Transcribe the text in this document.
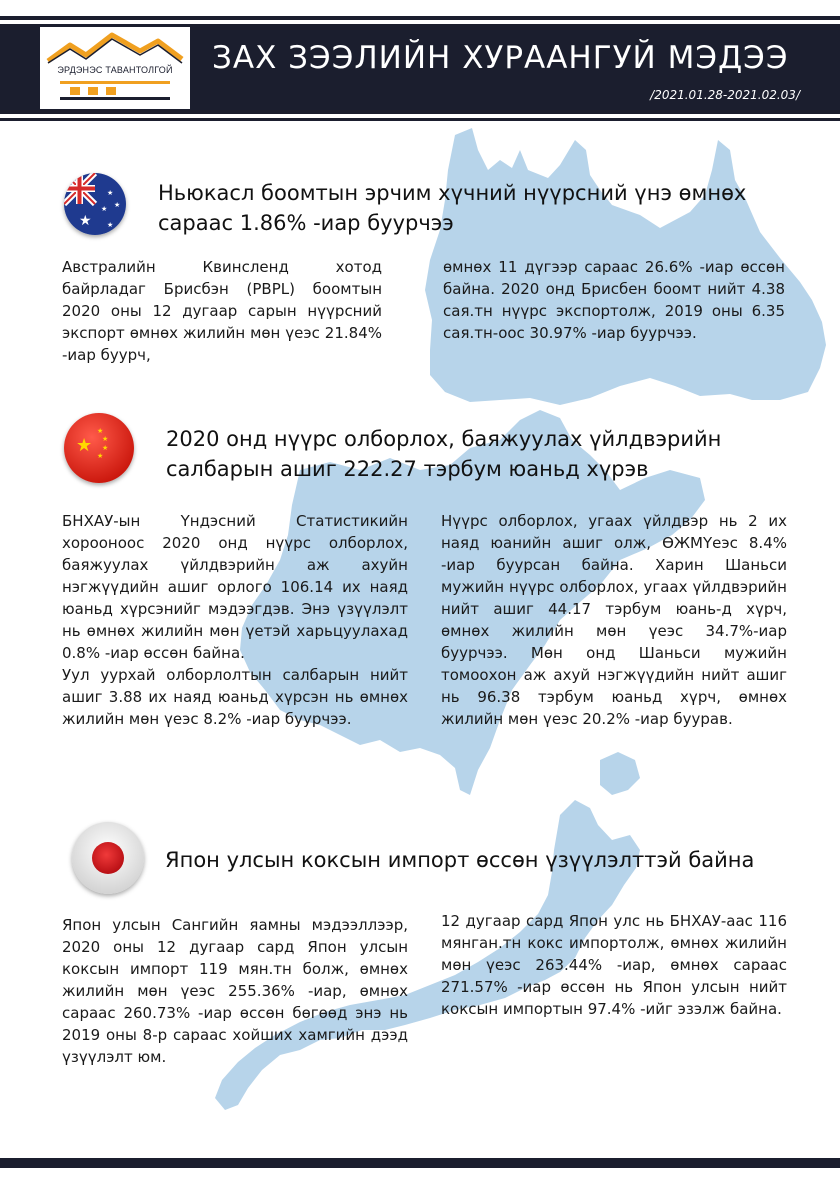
ЭРДЭНЭС ТАВАНТОЛГОЙ	ЗАХ ЗЭЭЛИЙН ХУРААНГУЙ МЭДЭЭ
/2021.01.28-2021.02.03/
★
★
★
★
★
Ньюкасл боомтын эрчим хүчний нүүрсний үнэ өмнөх сараас 1.86% -иар буурчээ

Австралийн Квинсленд хотод байрладаг Брисбэн (PBPL) боомтын 2020 оны 12 дугаар сарын нүүрсний экспорт өмнөх жилийн мөн үеэс 21.84% -иар буурч,

өмнөх 11 дүгээр сараас 26.6% -иар өссөн байна. 2020 онд Брисбен боомт нийт 4.38 сая.тн нүүрс экспортолж, 2019 оны 6.35 сая.тн-оос 30.97% -иар буурчээ.

★
★
★
★
★
2020 онд нүүрс олборлох, баяжуулах үйлдвэрийн салбарын ашиг 222.27 тэрбум юаньд хүрэв

БНХАУ-ын Үндэсний Статистикийн хорооноос 2020 онд нүүрс олборлох, баяжуулах үйлдвэрийн аж ахуйн нэгжүүдийн ашиг орлого 106.14 их наяд юаньд хүрсэнийг мэдээгдэв. Энэ үзүүлэлт нь өмнөх жилийн мөн үетэй харьцуулахад 0.8% -иар өссөн байна.

Уул уурхай олборлолтын салбарын нийт ашиг 3.88 их наяд юаньд хүрсэн нь өмнөх жилийн мөн үеэс 8.2% -иар буурчээ.

Нүүрс олборлох, угаах үйлдвэр нь 2 их наяд юанийн ашиг олж, ӨЖМҮеэс 8.4% -иар буурсан байна. Харин Шаньси мужийн нүүрс олборлох, угаах үйлдвэрийн нийт ашиг 44.17 тэрбум юань-д хүрч, өмнөх жилийн мөн үеэс 34.7%-иар буурчээ. Мөн онд Шаньси мужийн томоохон аж ахуй нэгжүүдийн нийт ашиг нь 96.38 тэрбум юаньд хүрч, өмнөх жилийн мөн үеэс 20.2% -иар буурав.

Япон улсын коксын импорт өссөн үзүүлэлттэй байна

Япон улсын Сангийн яамны мэдээллээр, 2020 оны 12 дугаар сард Япон улсын коксын импорт 119 мян.тн болж, өмнөх жилийн мөн үеэс 255.36% -иар, өмнөх сараас 260.73% -иар өссөн бөгөөд энэ нь 2019 оны 8-р сараас хойших хамгийн дээд үзүүлэлт юм.

12 дугаар сард Япон улс нь БНХАУ-аас 116 мянган.тн кокс импортолж, өмнөх жилийн мөн үеэс 263.44% -иар, өмнөх сараас 271.57% -иар өссөн нь Япон улсын нийт коксын импортын 97.4% -ийг эзэлж байна.
